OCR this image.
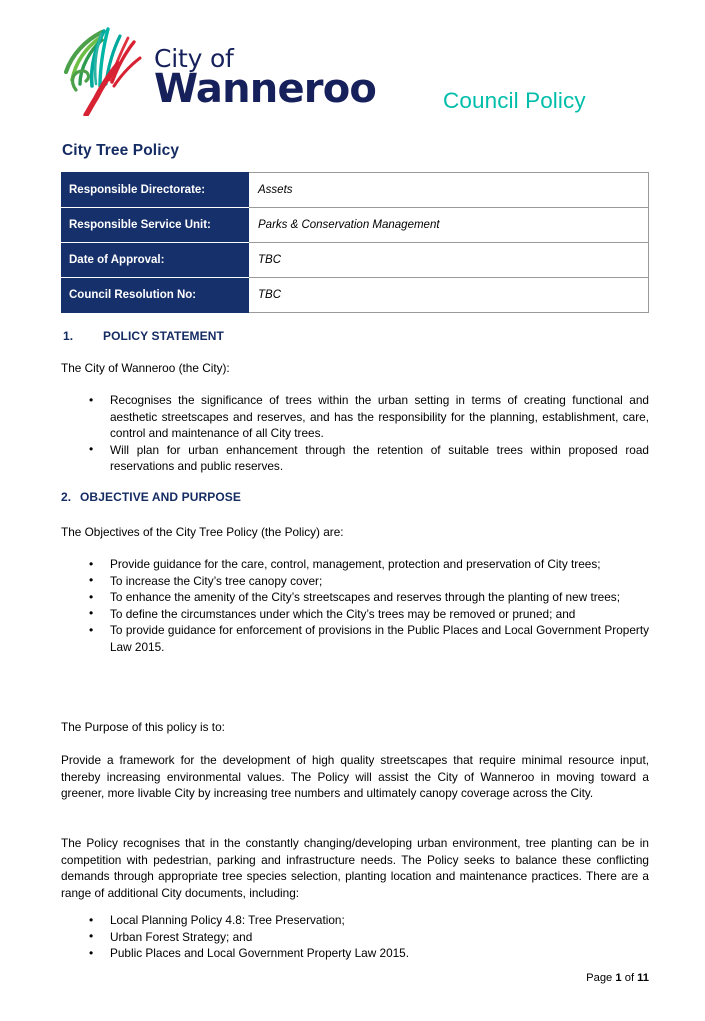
City of
Wanneroo	Council Policy
City Tree Policy
Responsible Directorate:	Assets
Responsible Service Unit:	Parks & Conservation Management
Date of Approval:	TBC
Council Resolution No:	TBC
1. POLICY STATEMENT
The City of Wanneroo (the City):
• Recognises the significance of trees within the urban setting in terms of creating functional and aesthetic streetscapes and reserves, and has the responsibility for the planning, establishment, care, control and maintenance of all City trees.
• Will plan for urban enhancement through the retention of suitable trees within proposed road reservations and public reserves.
2. OBJECTIVE AND PURPOSE
The Objectives of the City Tree Policy (the Policy) are:
• Provide guidance for the care, control, management, protection and preservation of City trees;
• To increase the City’s tree canopy cover;
• To enhance the amenity of the City’s streetscapes and reserves through the planting of new trees;
• To define the circumstances under which the City’s trees may be removed or pruned; and
• To provide guidance for enforcement of provisions in the Public Places and Local Government Property Law 2015.
The Purpose of this policy is to:
Provide a framework for the development of high quality streetscapes that require minimal resource input, thereby increasing environmental values. The Policy will assist the City of Wanneroo in moving toward a greener, more livable City by increasing tree numbers and ultimately canopy coverage across the City.
The Policy recognises that in the constantly changing/developing urban environment, tree planting can be in competition with pedestrian, parking and infrastructure needs. The Policy seeks to balance these conflicting demands through appropriate tree species selection, planting location and maintenance practices. There are a range of additional City documents, including:
• Local Planning Policy 4.8: Tree Preservation;
• Urban Forest Strategy; and
• Public Places and Local Government Property Law 2015.
Page 1 of 11
